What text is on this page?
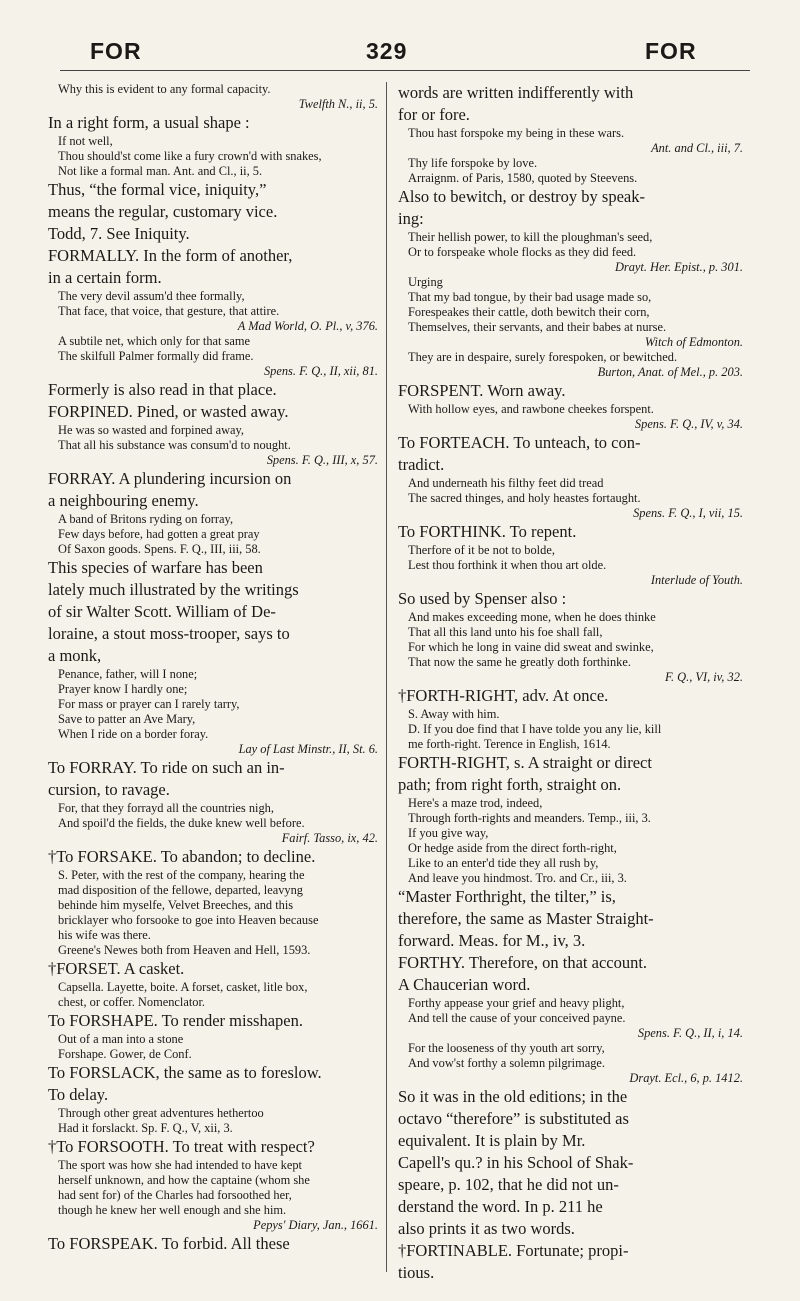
FOR	329	FOR
Why this is evident to any formal capacity.
Twelfth N., ii, 5.
In a right form, a usual shape :
If not well,
Thou should'st come like a fury crown'd with snakes,
Not like a formal man. Ant. and Cl., ii, 5.
Thus, “the formal vice, iniquity,”
means the regular, customary vice.
Todd, 7. See Iniquity.
FORMALLY. In the form of another,
in a certain form.
The very devil assum'd thee formally,
That face, that voice, that gesture, that attire.
A Mad World, O. Pl., v, 376.
A subtile net, which only for that same
The skilfull Palmer formally did frame.
Spens. F. Q., II, xii, 81.
Formerly is also read in that place.
FORPINED. Pined, or wasted away.
He was so wasted and forpined away,
That all his substance was consum'd to nought.
Spens. F. Q., III, x, 57.
FORRAY. A plundering incursion on
a neighbouring enemy.
A band of Britons ryding on forray,
Few days before, had gotten a great pray
Of Saxon goods. Spens. F. Q., III, iii, 58.
This species of warfare has been
lately much illustrated by the writings
of sir Walter Scott. William of De-
loraine, a stout moss-trooper, says to
a monk,
Penance, father, will I none;
Prayer know I hardly one;
For mass or prayer can I rarely tarry,
Save to patter an Ave Mary,
When I ride on a border foray.
Lay of Last Minstr., II, St. 6.
To FORRAY. To ride on such an in-
cursion, to ravage.
For, that they forrayd all the countries nigh,
And spoil'd the fields, the duke knew well before.
Fairf. Tasso, ix, 42.
†To FORSAKE. To abandon; to decline.
S. Peter, with the rest of the company, hearing the
mad disposition of the fellowe, departed, leavyng
behinde him myselfe, Velvet Breeches, and this
bricklayer who forsooke to goe into Heaven because
his wife was there.
Greene's Newes both from Heaven and Hell, 1593.
†FORSET. A casket.
Capsella. Layette, boite. A forset, casket, litle box,
chest, or coffer. Nomenclator.
To FORSHAPE. To render misshapen.
Out of a man into a stone
Forshape. Gower, de Conf.
To FORSLACK, the same as to foreslow.
To delay.
Through other great adventures hethertoo
Had it forslackt. Sp. F. Q., V, xii, 3.
†To FORSOOTH. To treat with respect?
The sport was how she had intended to have kept
herself unknown, and how the captaine (whom she
had sent for) of the Charles had forsoothed her,
though he knew her well enough and she him.
Pepys' Diary, Jan., 1661.
To FORSPEAK. To forbid. All these
words are written indifferently with
for or fore.
Thou hast forspoke my being in these wars.
Ant. and Cl., iii, 7.
Thy life forspoke by love.
Arraignm. of Paris, 1580, quoted by Steevens.
Also to bewitch, or destroy by speak-
ing:
Their hellish power, to kill the ploughman's seed,
Or to forspeake whole flocks as they did feed.
Drayt. Her. Epist., p. 301.
Urging
That my bad tongue, by their bad usage made so,
Forespeakes their cattle, doth bewitch their corn,
Themselves, their servants, and their babes at nurse.
Witch of Edmonton.
They are in despaire, surely forespoken, or bewitched.
Burton, Anat. of Mel., p. 203.
FORSPENT. Worn away.
With hollow eyes, and rawbone cheekes forspent.
Spens. F. Q., IV, v, 34.
To FORTEACH. To unteach, to con-
tradict.
And underneath his filthy feet did tread
The sacred thinges, and holy heastes fortaught.
Spens. F. Q., I, vii, 15.
To FORTHINK. To repent.
Therfore of it be not to bolde,
Lest thou forthink it when thou art olde.
Interlude of Youth.
So used by Spenser also :
And makes exceeding mone, when he does thinke
That all this land unto his foe shall fall,
For which he long in vaine did sweat and swinke,
That now the same he greatly doth forthinke.
F. Q., VI, iv, 32.
†FORTH-RIGHT, adv. At once.
S. Away with him.
D. If you doe find that I have tolde you any lie, kill
me forth-right. Terence in English, 1614.
FORTH-RIGHT, s. A straight or direct
path; from right forth, straight on.
Here's a maze trod, indeed,
Through forth-rights and meanders. Temp., iii, 3.
If you give way,
Or hedge aside from the direct forth-right,
Like to an enter'd tide they all rush by,
And leave you hindmost. Tro. and Cr., iii, 3.
“Master Forthright, the tilter,” is,
therefore, the same as Master Straight-
forward. Meas. for M., iv, 3.
FORTHY. Therefore, on that account.
A Chaucerian word.
Forthy appease your grief and heavy plight,
And tell the cause of your conceived payne.
Spens. F. Q., II, i, 14.
For the looseness of thy youth art sorry,
And vow'st forthy a solemn pilgrimage.
Drayt. Ecl., 6, p. 1412.
So it was in the old editions; in the
octavo “therefore” is substituted as
equivalent. It is plain by Mr.
Capell's qu.? in his School of Shak-
speare, p. 102, that he did not un-
derstand the word. In p. 211 he
also prints it as two words.
†FORTINABLE. Fortunate; propi-
tious.
